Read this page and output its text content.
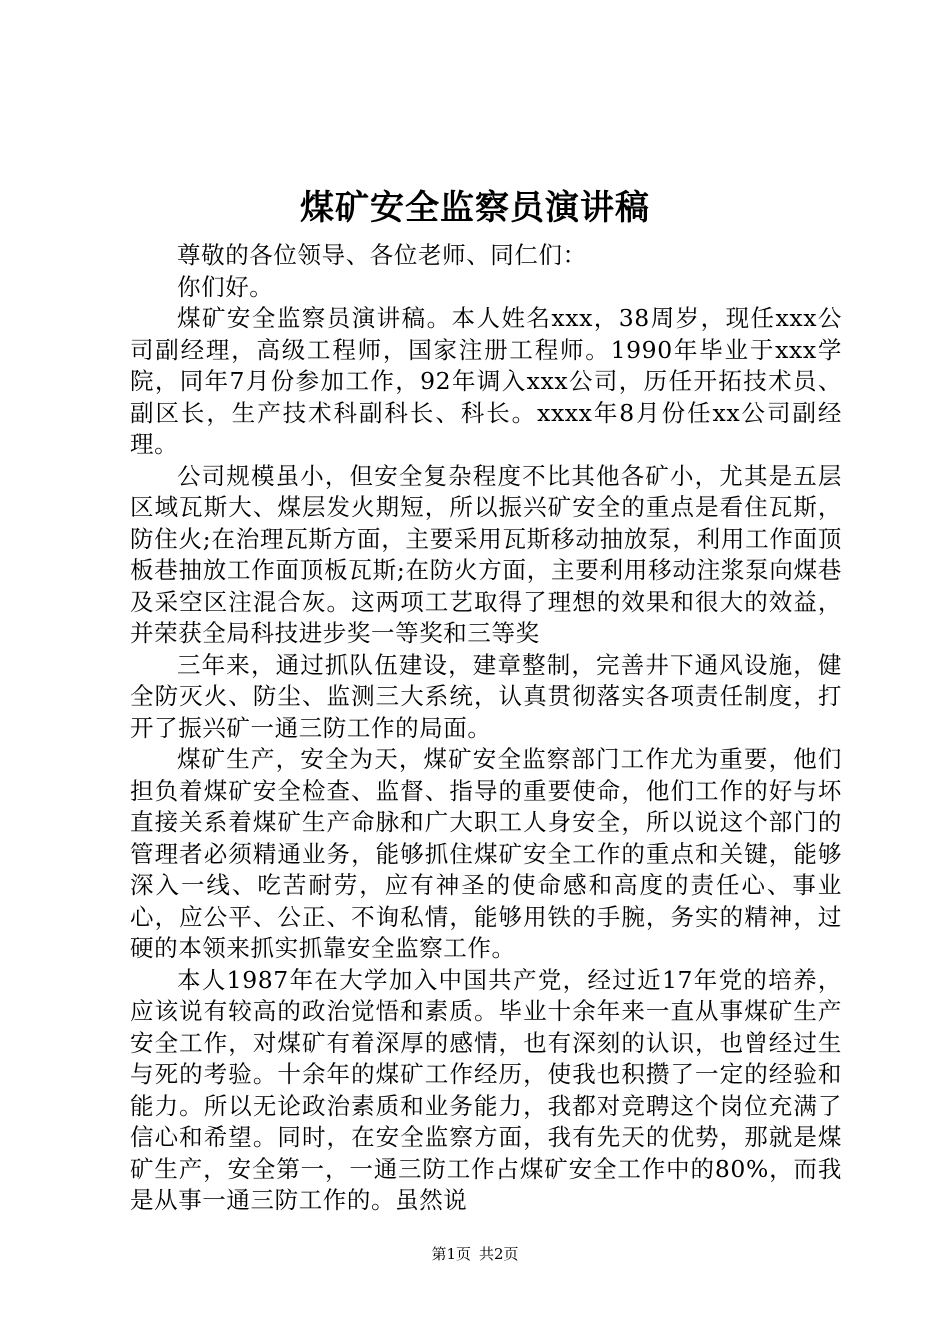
煤矿安全监察员演讲稿

尊敬的各位领导、各位老师、同仁们：

你们好。

煤矿安全监察员演讲稿。本人姓名xxx，38周岁，现任xxx公司副经理，高级工程师，国家注册工程师。1990年毕业于xxx学院，同年7月份参加工作，92年调入xxx公司，历任开拓技术员、副区长，生产技术科副科长、科长。xxxx年8月份任xx公司副经理。

公司规模虽小，但安全复杂程度不比其他各矿小，尤其是五层区域瓦斯大、煤层发火期短，所以振兴矿安全的重点是看住瓦斯，防住火;在治理瓦斯方面，主要采用瓦斯移动抽放泵，利用工作面顶板巷抽放工作面顶板瓦斯;在防火方面，主要利用移动注浆泵向煤巷及采空区注混合灰。这两项工艺取得了理想的效果和很大的效益，并荣获全局科技进步奖一等奖和三等奖

三年来，通过抓队伍建设，建章整制，完善井下通风设施，健全防灭火、防尘、监测三大系统，认真贯彻落实各项责任制度，打开了振兴矿一通三防工作的局面。

煤矿生产，安全为天，煤矿安全监察部门工作尤为重要，他们担负着煤矿安全检查、监督、指导的重要使命，他们工作的好与坏直接关系着煤矿生产命脉和广大职工人身安全，所以说这个部门的管理者必须精通业务，能够抓住煤矿安全工作的重点和关键，能够深入一线、吃苦耐劳，应有神圣的使命感和高度的责任心、事业心，应公平、公正、不询私情，能够用铁的手腕，务实的精神，过硬的本领来抓实抓靠安全监察工作。

本人1987年在大学加入中国共产党，经过近17年党的培养，应该说有较高的政治觉悟和素质。毕业十余年来一直从事煤矿生产安全工作，对煤矿有着深厚的感情，也有深刻的认识，也曾经过生与死的考验。十余年的煤矿工作经历，使我也积攒了一定的经验和能力。所以无论政治素质和业务能力，我都对竞聘这个岗位充满了信心和希望。同时，在安全监察方面，我有先天的优势，那就是煤矿生产，安全第一，一通三防工作占煤矿安全工作中的80%，而我是从事一通三防工作的。虽然说

第1页 共2页
